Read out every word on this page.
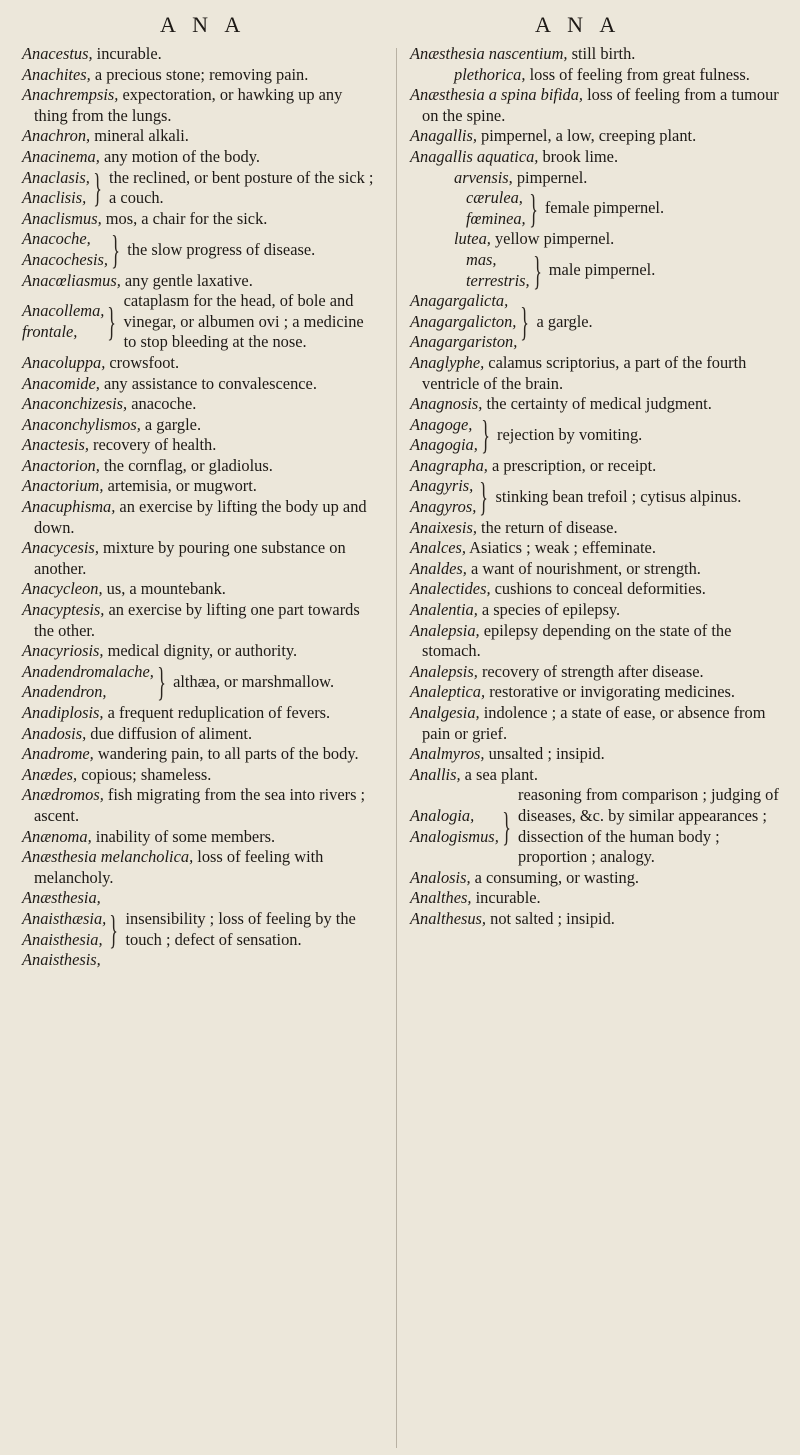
A N A	A N A

Anacestus, incurable.

Anachites, a precious stone; removing pain.

Anachrempsis, expectoration, or hawking up any thing from the lungs.

Anachron, mineral alkali.

Anacinema, any motion of the body.

Anaclasis,
Anaclisis, } the reclined, or bent posture of the sick ; a couch.

Anaclismus, mos, a chair for the sick.

Anacoche,
Anacochesis, } the slow progress of disease.

Anacœliasmus, any gentle laxative.

Anacollema,
frontale, } cataplasm for the head, of bole and vinegar, or albumen ovi ; a medicine to stop bleeding at the nose.

Anacoluppa, crowsfoot.

Anacomide, any assistance to convalescence.

Anaconchizesis, anacoche.

Anaconchylismos, a gargle.

Anactesis, recovery of health.

Anactorion, the cornflag, or gladiolus.

Anactorium, artemisia, or mugwort.

Anacuphisma, an exercise by lifting the body up and down.

Anacycesis, mixture by pouring one substance on another.

Anacycleon, us, a mountebank.

Anacyptesis, an exercise by lifting one part towards the other.

Anacyriosis, medical dignity, or authority.

Anadendromalache,
Anadendron,	} althæa, or marshmallow.

Anadiplosis, a frequent reduplication of fevers.

Anadosis, due diffusion of aliment.

Anadrome, wandering pain, to all parts of the body.

Anædes, copious; shameless.

Anædromos, fish migrating from the sea into rivers ; ascent.

Anænoma, inability of some members.

Anæsthesia melancholica, loss of feeling with melancholy.

Anæsthesia,
Anaisthæsia,
Anaisthesia,
Anaisthesis,
} insensibility ; loss of feeling by the touch ; defect of sensation.

Anæsthesia nascentium, still birth.

plethorica, loss of feeling from great fulness.

Anæsthesia a spina bifida, loss of feeling from a tumour on the spine.

Anagallis, pimpernel, a low, creeping plant.

Anagallis aquatica, brook lime.

arvensis, pimpernel.

cærulea,
fœminea, } female pimpernel.

lutea, yellow pimpernel.

mas,
terrestris, } male pimpernel.
Anagargalicta,
Anagargalicton,
Anagargariston, } a gargle.

Anaglyphe, calamus scriptorius, a part of the fourth ventricle of the brain.

Anagnosis, the certainty of medical judgment.

Anagoge,
Anagogia, } rejection by vomiting.

Anagrapha, a prescription, or receipt.

Anagyris,
Anagyros, } stinking bean trefoil ; cytisus alpinus.

Anaixesis, the return of disease.

Analces, Asiatics ; weak ; effeminate.

Analdes, a want of nourishment, or strength.

Analectides, cushions to conceal deformities.

Analentia, a species of epilepsy.

Analepsia, epilepsy depending on the state of the stomach.

Analepsis, recovery of strength after disease.

Analeptica, restorative or invigorating medicines.

Analgesia, indolence ; a state of ease, or absence from pain or grief.

Analmyros, unsalted ; insipid.

Anallis, a sea plant.

Analogia,
Analogismus, }
reasoning from comparison ; judging of diseases, &c. by similar appearances ; dissection of the human body ; proportion ; analogy.

Analosis, a consuming, or wasting.

Analthes, incurable.

Analthesus, not salted ; insipid.
